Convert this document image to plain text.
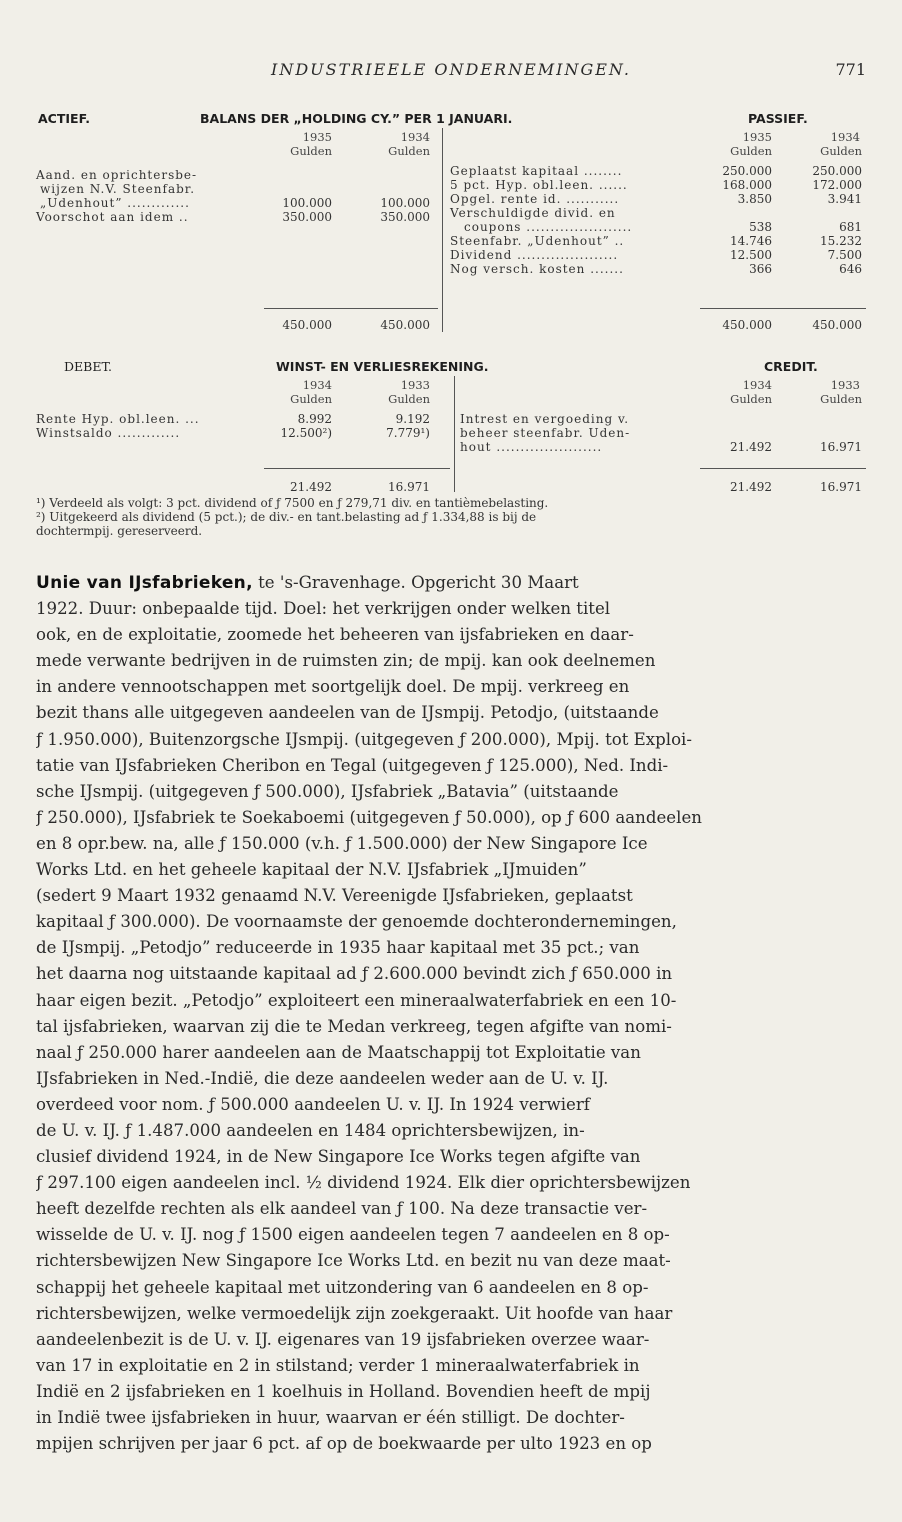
INDUSTRIEELE ONDERNEMINGEN.	771
ACTIEF.	BALANS DER „HOLDING CY.” PER 1 JANUARI.	PASSIEF.
1935	1934
Gulden	Gulden
1935	1934
Gulden	Gulden
Aand. en oprichtersbe-
wijzen N.V. Steenfabr.
„Udenhout” .............	100.000	100.000
Voorschot aan idem ..	350.000	350.000
Geplaatst kapitaal ........	250.000	250.000
5 pct. Hyp. obl.leen. ......	168.000	172.000
Opgel. rente id. ...........	3.850	3.941
Verschuldigde divid. en
coupons ......................	538	681
Steenfabr. „Udenhout” ..	14.746	15.232
Dividend .....................	12.500	7.500
Nog versch. kosten .......	366	646
450.000	450.000	450.000	450.000
DEBET.	WINST- EN VERLIESREKENING.	CREDIT.
1934	1933
Gulden	Gulden
1934	1933
Gulden	Gulden
Rente Hyp. obl.leen. ...	8.992	9.192
Winstsaldo .............	12.500²)	7.779¹)
Intrest en vergoeding v.
beheer steenfabr. Uden-
hout ......................	21.492	16.971
21.492	16.971	21.492	16.971
¹) Verdeeld als volgt: 3 pct. dividend of ƒ 7500 en ƒ 279,71 div. en tantièmebelasting.
²) Uitgekeerd als dividend (5 pct.); de div.- en tant.belasting ad ƒ 1.334,88 is bij de
dochtermpij. gereserveerd.
Unie van IJsfabrieken, te 's-Gravenhage. Opgericht 30 Maart
1922. Duur: onbepaalde tijd. Doel: het verkrijgen onder welken titel
ook, en de exploitatie, zoomede het beheeren van ijsfabrieken en daar-
mede verwante bedrijven in de ruimsten zin; de mpij. kan ook deelnemen
in andere vennootschappen met soortgelijk doel. De mpij. verkreeg en
bezit thans alle uitgegeven aandeelen van de IJsmpij. Petodjo, (uitstaande
ƒ 1.950.000), Buitenzorgsche IJsmpij. (uitgegeven ƒ 200.000), Mpij. tot Exploi-
tatie van IJsfabrieken Cheribon en Tegal (uitgegeven ƒ 125.000), Ned. Indi-
sche IJsmpij. (uitgegeven ƒ 500.000), IJsfabriek „Batavia” (uitstaande
ƒ 250.000), IJsfabriek te Soekaboemi (uitgegeven ƒ 50.000), op ƒ 600 aandeelen
en 8 opr.bew. na, alle ƒ 150.000 (v.h. ƒ 1.500.000) der New Singapore Ice
Works Ltd. en het geheele kapitaal der N.V. IJsfabriek „IJmuiden”
(sedert 9 Maart 1932 genaamd N.V. Vereenigde IJsfabrieken, geplaatst
kapitaal ƒ 300.000). De voornaamste der genoemde dochterondernemingen,
de IJsmpij. „Petodjo” reduceerde in 1935 haar kapitaal met 35 pct.; van
het daarna nog uitstaande kapitaal ad ƒ 2.600.000 bevindt zich ƒ 650.000 in
haar eigen bezit. „Petodjo” exploiteert een mineraalwaterfabriek en een 10-
tal ijsfabrieken, waarvan zij die te Medan verkreeg, tegen afgifte van nomi-
naal ƒ 250.000 harer aandeelen aan de Maatschappij tot Exploitatie van
IJsfabrieken in Ned.-Indië, die deze aandeelen weder aan de U. v. IJ.
overdeed voor nom. ƒ 500.000 aandeelen U. v. IJ. In 1924 verwierf
de U. v. IJ. ƒ 1.487.000 aandeelen en 1484 oprichtersbewijzen, in-
clusief dividend 1924, in de New Singapore Ice Works tegen afgifte van
ƒ 297.100 eigen aandeelen incl. ½ dividend 1924. Elk dier oprichtersbewijzen
heeft dezelfde rechten als elk aandeel van ƒ 100. Na deze transactie ver-
wisselde de U. v. IJ. nog ƒ 1500 eigen aandeelen tegen 7 aandeelen en 8 op-
richtersbewijzen New Singapore Ice Works Ltd. en bezit nu van deze maat-
schappij het geheele kapitaal met uitzondering van 6 aandeelen en 8 op-
richtersbewijzen, welke vermoedelijk zijn zoekgeraakt. Uit hoofde van haar
aandeelenbezit is de U. v. IJ. eigenares van 19 ijsfabrieken overzee waar-
van 17 in exploitatie en 2 in stilstand; verder 1 mineraalwaterfabriek in
Indië en 2 ijsfabrieken en 1 koelhuis in Holland. Bovendien heeft de mpij
in Indië twee ijsfabrieken in huur, waarvan er één stilligt. De dochter-
mpijen schrijven per jaar 6 pct. af op de boekwaarde per ulto 1923 en op
